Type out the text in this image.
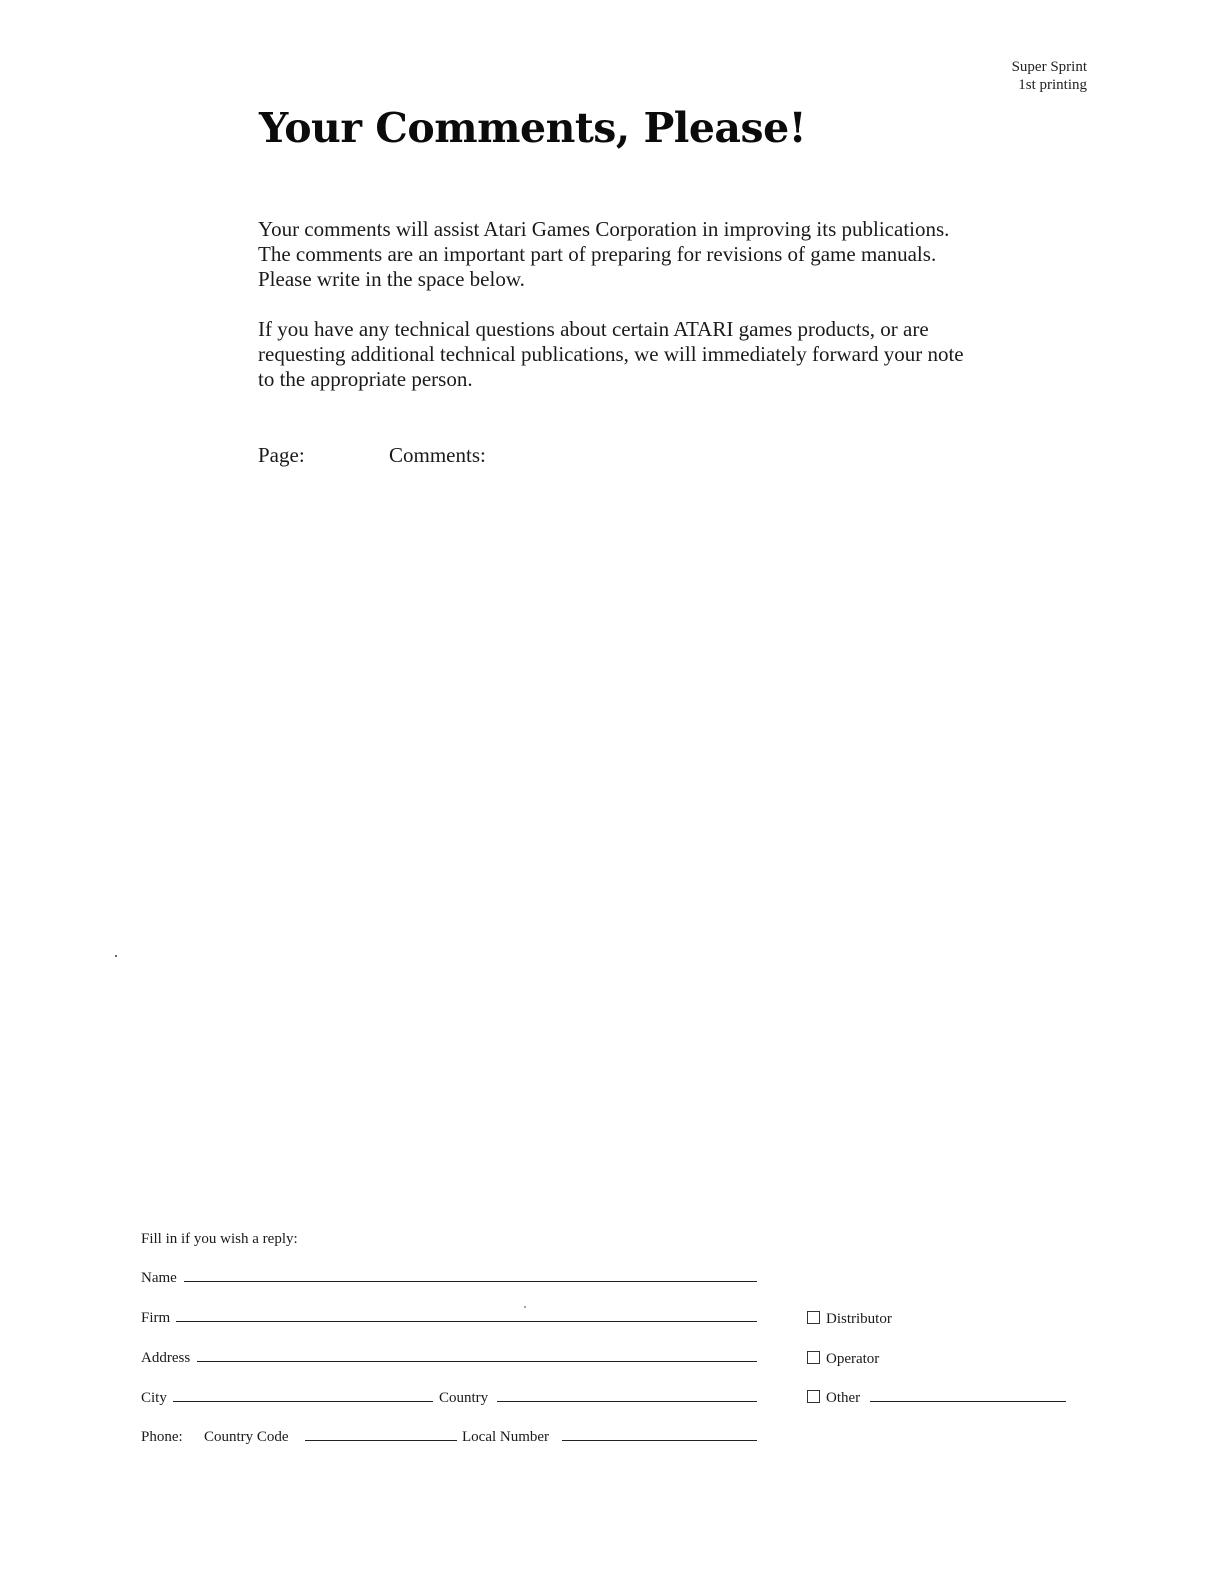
Super Sprint
1st printing
Your Comments, Please!

Your comments will assist Atari Games Corporation in improving its publications. The comments are an important part of preparing for revisions of game manuals. Please write in the space below.

If you have any technical questions about certain ATARI games products, or are requesting additional technical publications, we will immediately forward your note to the appropriate person.

Page:	Comments:
Fill in if you wish a reply:
Name
Firm
Address
City	Country
Phone: Country Code	Local Number
Distributor
Operator
Other
